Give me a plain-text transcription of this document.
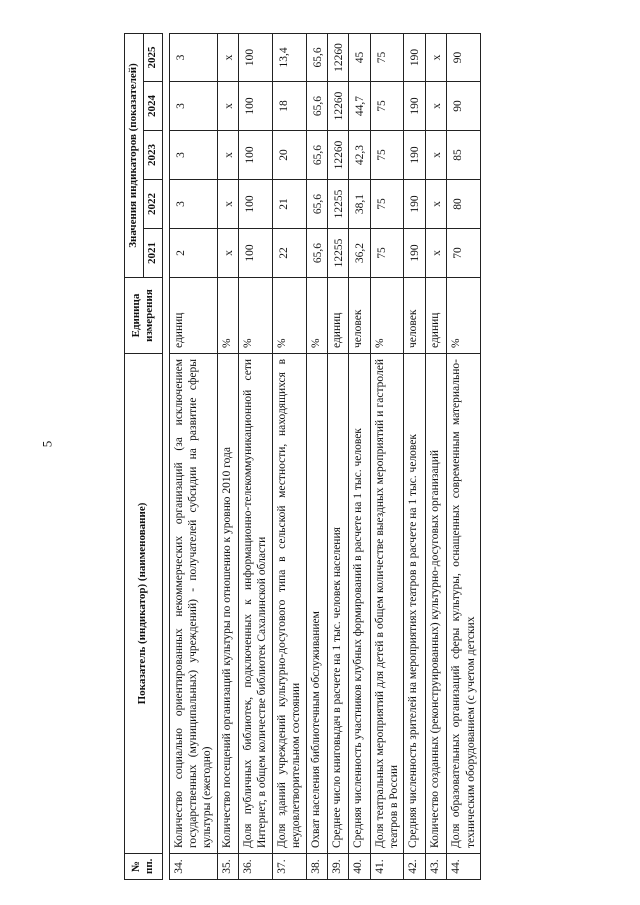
5
№ пп.	Показатель (индикатор) (наименование)	Единица измерения	Значения индикаторов (показателей)				
			2021	2022	2023	2024	2025

34.	Количество социально ориентированных некоммерческих организаций (за исключением государственных (муниципальных) учреждений) - получателей субсидии на развитие сферы культуры (ежегодно)	единиц	2	3	3	3	3
35.	Количество посещений организаций культуры по отношению к уровню 2010 года	%	x	x	x	x	x
36.	Доля публичных библиотек, подключенных к информационно-телекоммуникационной сети Интернет, в общем количестве библиотек Сахалинской области	%	100	100	100	100	100
37.	Доля зданий учреждений культурно-досугового типа в сельской местности, находящихся в неудовлетворительном состоянии	%	22	21	20	18	13,4
38.	Охват населения библиотечным обслуживанием	%	65,6	65,6	65,6	65,6	65,6
39.	Среднее число книговыдач в расчете на 1 тыс. человек населения	единиц	12255	12255	12260	12260	12260
40.	Средняя численность участников клубных формирований в расчете на 1 тыс. человек	человек	36,2	38,1	42,3	44,7	45
41.	Доля театральных мероприятий для детей в общем количестве выездных мероприятий и гастролей театров в России	%	75	75	75	75	75
42.	Средняя численность зрителей на мероприятиях театров в расчете на 1 тыс. человек	человек	190	190	190	190	190
43.	Количество созданных (реконструированных) культурно-досуговых организаций	единиц	x	x	x	x	x
44.	Доля образовательных организаций сферы культуры, оснащенных современным материально-техническим оборудованием (с учетом детских	%	70	80	85	90	90
